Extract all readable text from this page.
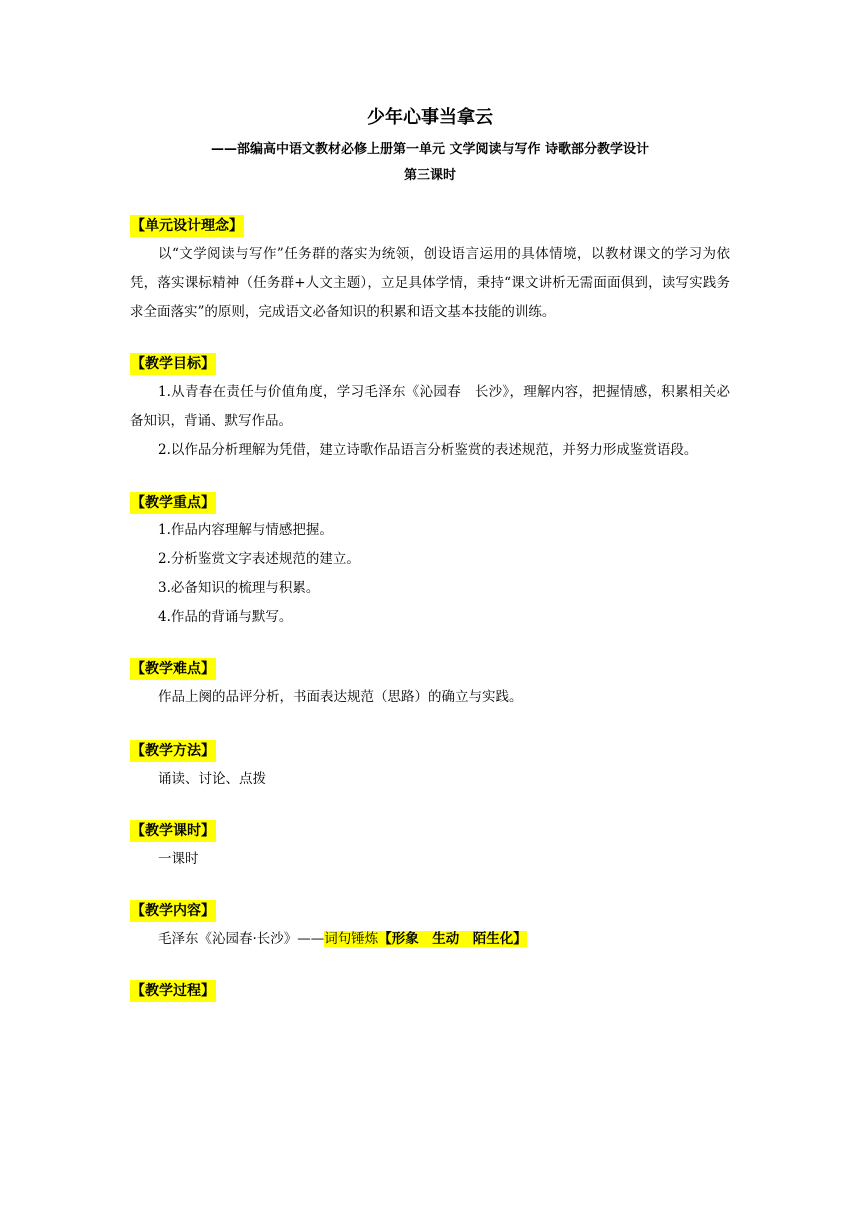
少年心事当拿云
——部编高中语文教材必修上册第一单元 文学阅读与写作 诗歌部分教学设计
第三课时
【单元设计理念】

以“文学阅读与写作”任务群的落实为统领，创设语言运用的具体情境，以教材课文的学习为依凭，落实课标精神（任务群+人文主题），立足具体学情，秉持“课文讲析无需面面俱到，读写实践务求全面落实”的原则，完成语文必备知识的积累和语文基本技能的训练。

【教学目标】

1.从青春在责任与价值角度，学习毛泽东《沁园春　长沙》，理解内容，把握情感，积累相关必备知识，背诵、默写作品。

2.以作品分析理解为凭借，建立诗歌作品语言分析鉴赏的表述规范，并努力形成鉴赏语段。

【教学重点】

1.作品内容理解与情感把握。

2.分析鉴赏文字表述规范的建立。

3.必备知识的梳理与积累。

4.作品的背诵与默写。

【教学难点】

作品上阕的品评分析，书面表达规范（思路）的确立与实践。

【教学方法】

诵读、讨论、点拨

【教学课时】

一课时

【教学内容】

毛泽东《沁园春·长沙》——词句锤炼【形象　生动　陌生化】

【教学过程】
